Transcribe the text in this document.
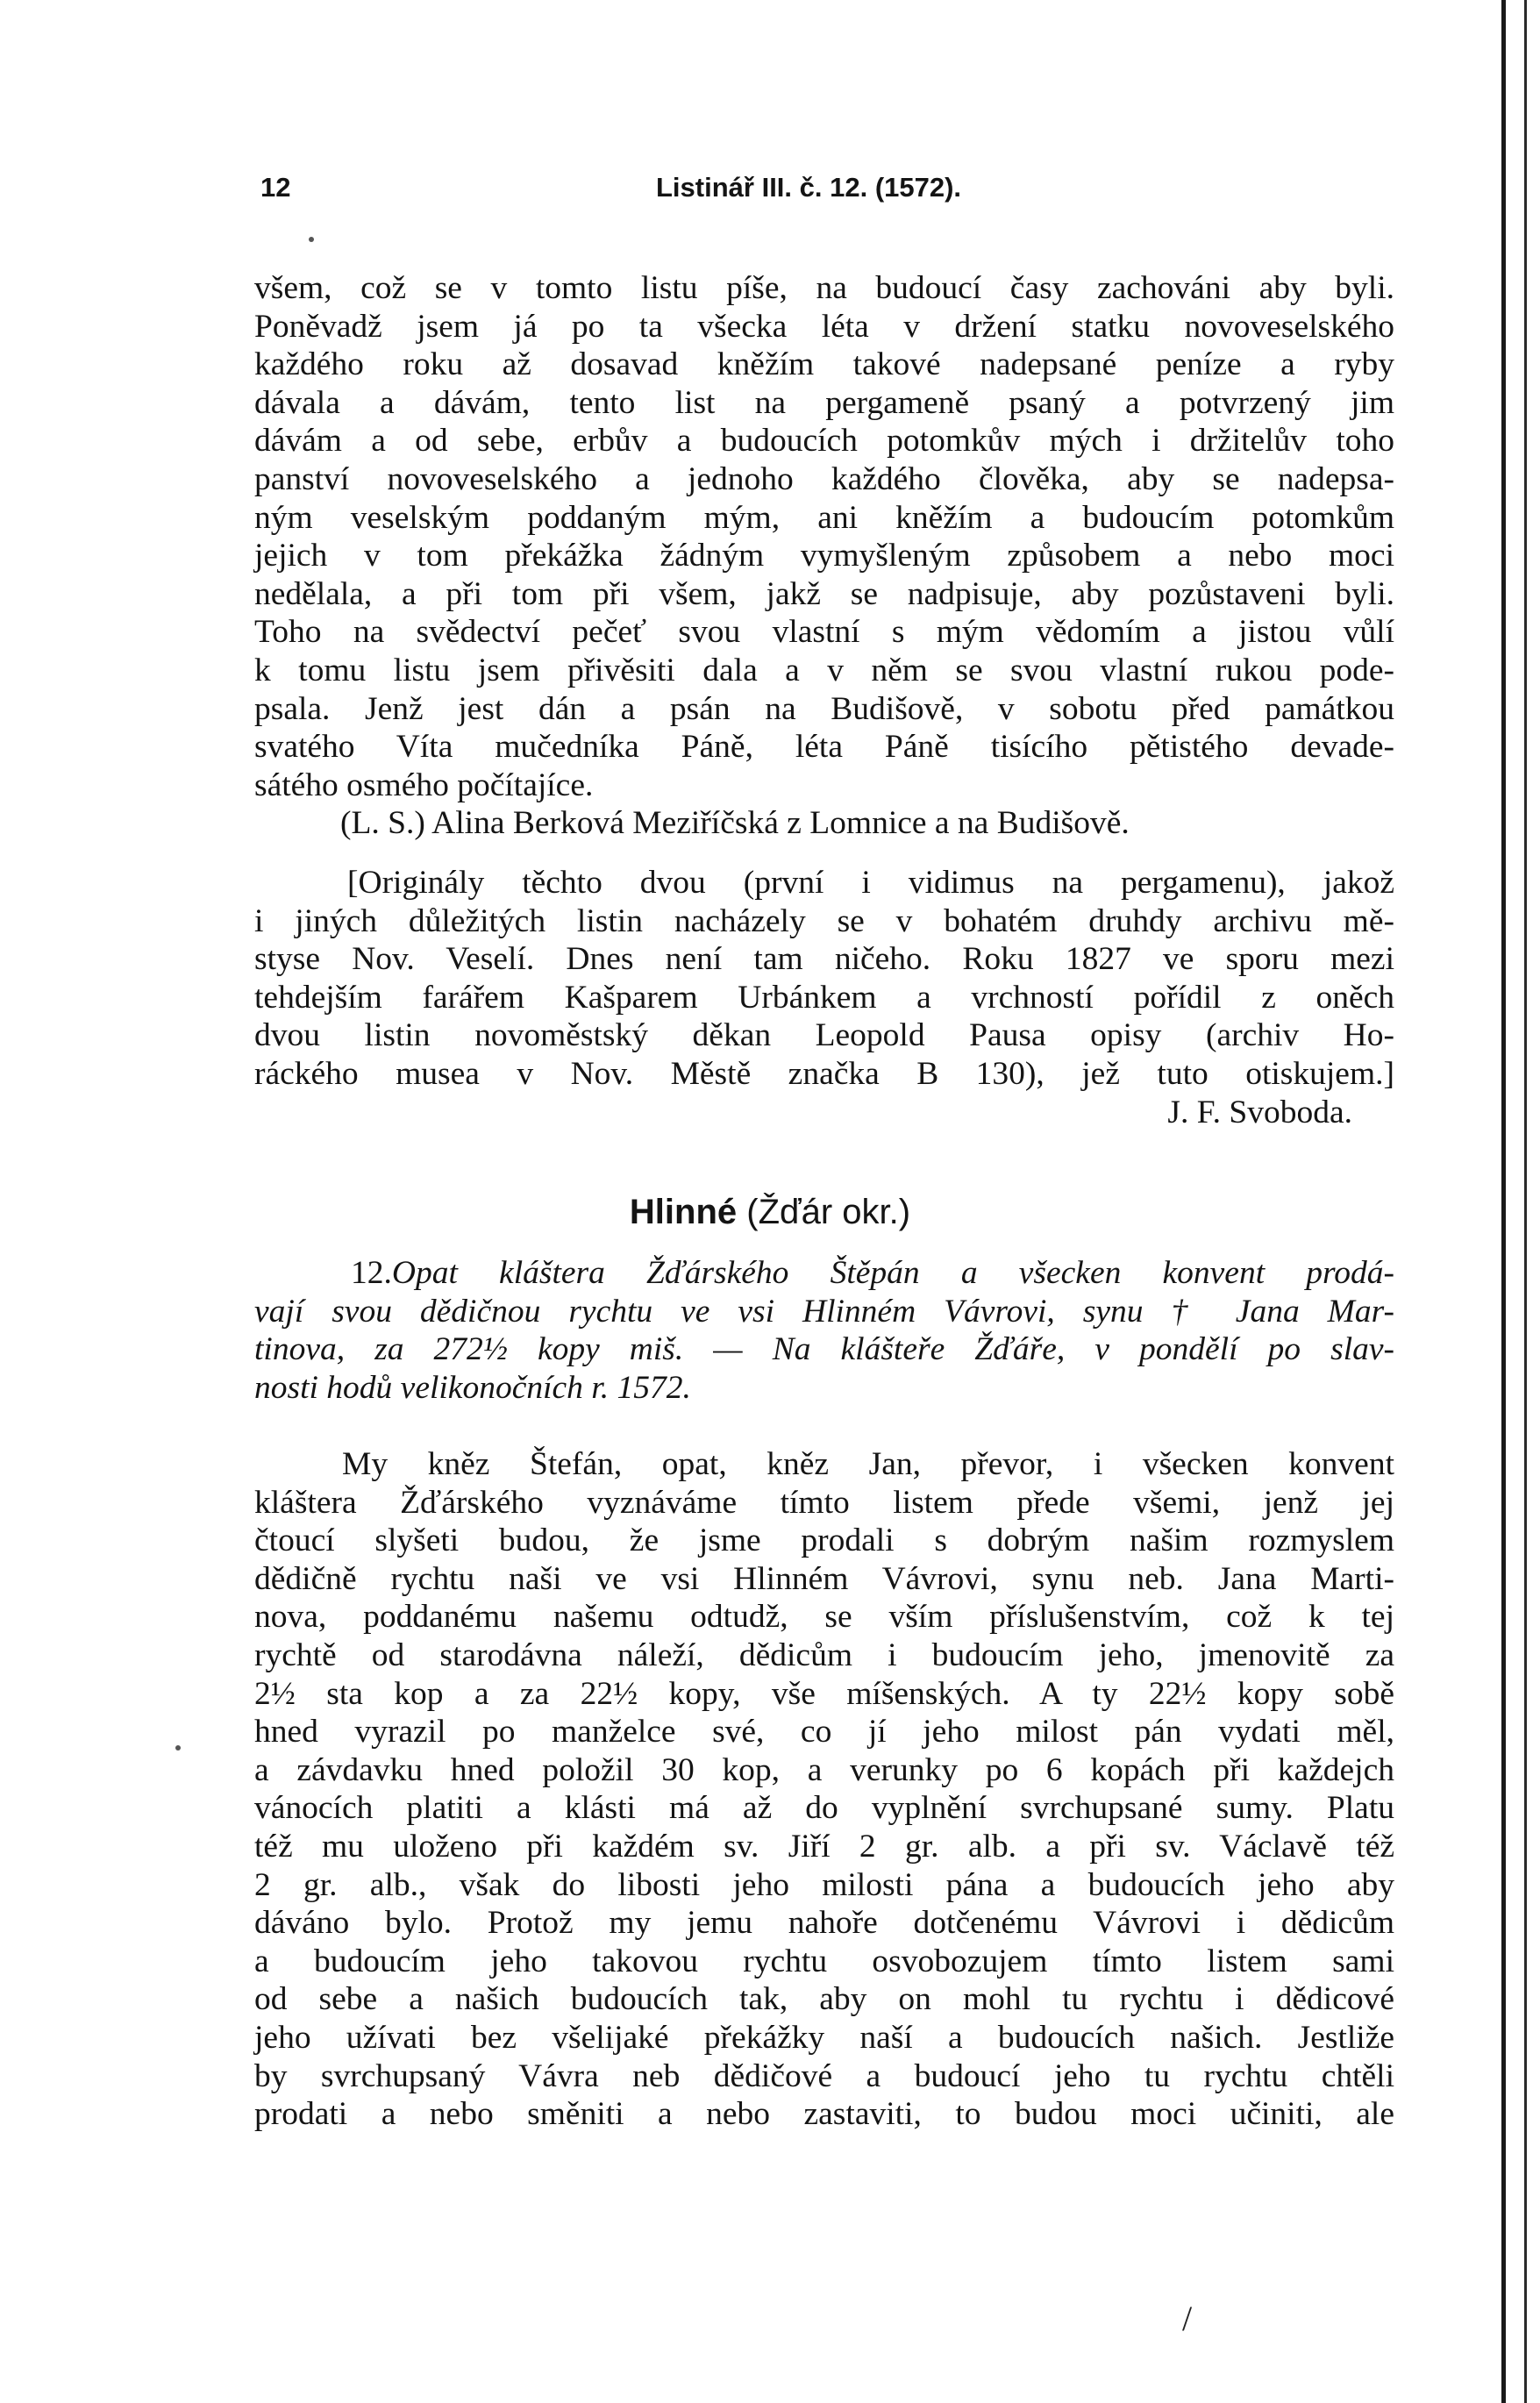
12	Listinář III. č. 12. (1572).
všem, což se v tomto listu píše, na budoucí časy zachováni aby byli.
Poněvadž jsem já po ta všecka léta v držení statku novoveselského
každého roku až dosavad kněžím takové nadepsané peníze a ryby
dávala a dávám, tento list na pergameně psaný a potvrzený jim
dávám a od sebe, erbův a budoucích potomkův mých i držitelův toho
panství novoveselského a jednoho každého člověka, aby se nadepsa-
ným veselským poddaným mým, ani kněžím a budoucím potomkům
jejich v tom překážka žádným vymyšleným způsobem a nebo moci
nedělala, a při tom při všem, jakž se nadpisuje, aby pozůstaveni byli.
Toho na svědectví pečeť svou vlastní s mým vědomím a jistou vůlí
k tomu listu jsem přivěsiti dala a v něm se svou vlastní rukou pode-
psala. Jenž jest dán a psán na Budišově, v sobotu před památkou
svatého Víta mučedníka Páně, léta Páně tisícího pětistého devade-
sátého osmého počítajíce.
(L. S.) Alina Berková Meziříčská z Lomnice a na Budišově.
[Originály těchto dvou (první i vidimus na pergamenu), jakož
i jiných důležitých listin nacházely se v bohatém druhdy archivu mě-
styse Nov. Veselí. Dnes není tam ničeho. Roku 1827 ve sporu mezi
tehdejším farářem Kašparem Urbánkem a vrchností pořídil z oněch
dvou listin novoměstský děkan Leopold Pausa opisy (archiv Ho-
ráckého musea v Nov. Městě značka B 130), jež tuto otiskujem.]
J. F. Svoboda.
Hlinné (Žďár okr.)
12.Opat kláštera Žďárského Štěpán a všecken konvent prodá-
vají svou dědičnou rychtu ve vsi Hlinném Vávrovi, synu † Jana Mar-
tinova, za 272½ kopy miš. — Na klášteře Žďáře, v pondělí po slav-
nosti hodů velikonočních r. 1572.
My kněz Štefán, opat, kněz Jan, převor, i všecken konvent
kláštera Žďárského vyznáváme tímto listem přede všemi, jenž jej
čtoucí slyšeti budou, že jsme prodali s dobrým našim rozmyslem
dědičně rychtu naši ve vsi Hlinném Vávrovi, synu neb. Jana Marti-
nova, poddanému našemu odtudž, se vším příslušenstvím, což k tej
rychtě od starodávna náleží, dědicům i budoucím jeho, jmenovitě za
2½ sta kop a za 22½ kopy, vše míšenských. A ty 22½ kopy sobě
hned vyrazil po manželce své, co jí jeho milost pán vydati měl,
a závdavku hned položil 30 kop, a verunky po 6 kopách při každejch
vánocích platiti a klásti má až do vyplnění svrchupsané sumy. Platu
též mu uloženo při každém sv. Jiří 2 gr. alb. a při sv. Václavě též
2 gr. alb., však do libosti jeho milosti pána a budoucích jeho aby
dáváno bylo. Protož my jemu nahoře dotčenému Vávrovi i dědicům
a budoucím jeho takovou rychtu osvobozujem tímto listem sami
od sebe a našich budoucích tak, aby on mohl tu rychtu i dědicové
jeho užívati bez všelijaké překážky naší a budoucích našich. Jestliže
by svrchupsaný Vávra neb dědičové a budoucí jeho tu rychtu chtěli
prodati a nebo směniti a nebo zastaviti, to budou moci učiniti, ale
/
